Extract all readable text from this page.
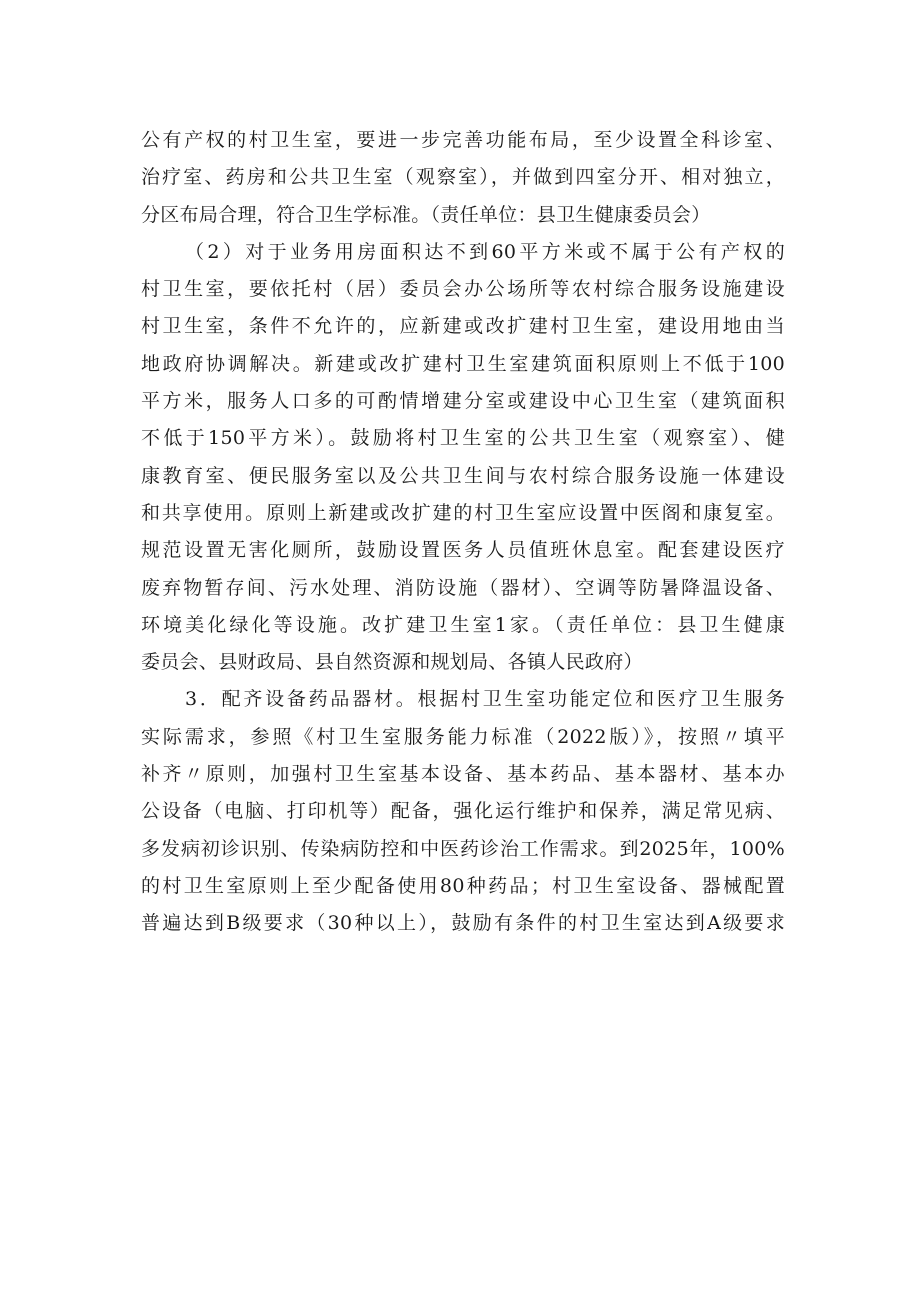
公有产权的村卫生室，要进一步完善功能布局，至少设置全科诊室、
治疗室、药房和公共卫生室（观察室），并做到四室分开、相对独立，
分区布局合理，符合卫生学标准。（责任单位：县卫生健康委员会）

（2）对于业务用房面积达不到60平方米或不属于公有产权的
村卫生室，要依托村（居）委员会办公场所等农村综合服务设施建设
村卫生室，条件不允许的，应新建或改扩建村卫生室，建设用地由当
地政府协调解决。新建或改扩建村卫生室建筑面积原则上不低于100
平方米，服务人口多的可酌情增建分室或建设中心卫生室（建筑面积
不低于150平方米）。鼓励将村卫生室的公共卫生室（观察室）、健
康教育室、便民服务室以及公共卫生间与农村综合服务设施一体建设
和共享使用。原则上新建或改扩建的村卫生室应设置中医阁和康复室。
规范设置无害化厕所，鼓励设置医务人员值班休息室。配套建设医疗
废弃物暂存间、污水处理、消防设施（器材）、空调等防暑降温设备、
环境美化绿化等设施。改扩建卫生室1家。（责任单位：县卫生健康
委员会、县财政局、县自然资源和规划局、各镇人民政府）

3．配齐设备药品器材。根据村卫生室功能定位和医疗卫生服务
实际需求，参照《村卫生室服务能力标准（2022版）》，按照〃填平
补齐〃原则，加强村卫生室基本设备、基本药品、基本器材、基本办
公设备（电脑、打印机等）配备，强化运行维护和保养，满足常见病、
多发病初诊识别、传染病防控和中医药诊治工作需求。到2025年，100%
的村卫生室原则上至少配备使用80种药品；村卫生室设备、器械配置
普遍达到B级要求（30种以上），鼓励有条件的村卫生室达到A级要求
